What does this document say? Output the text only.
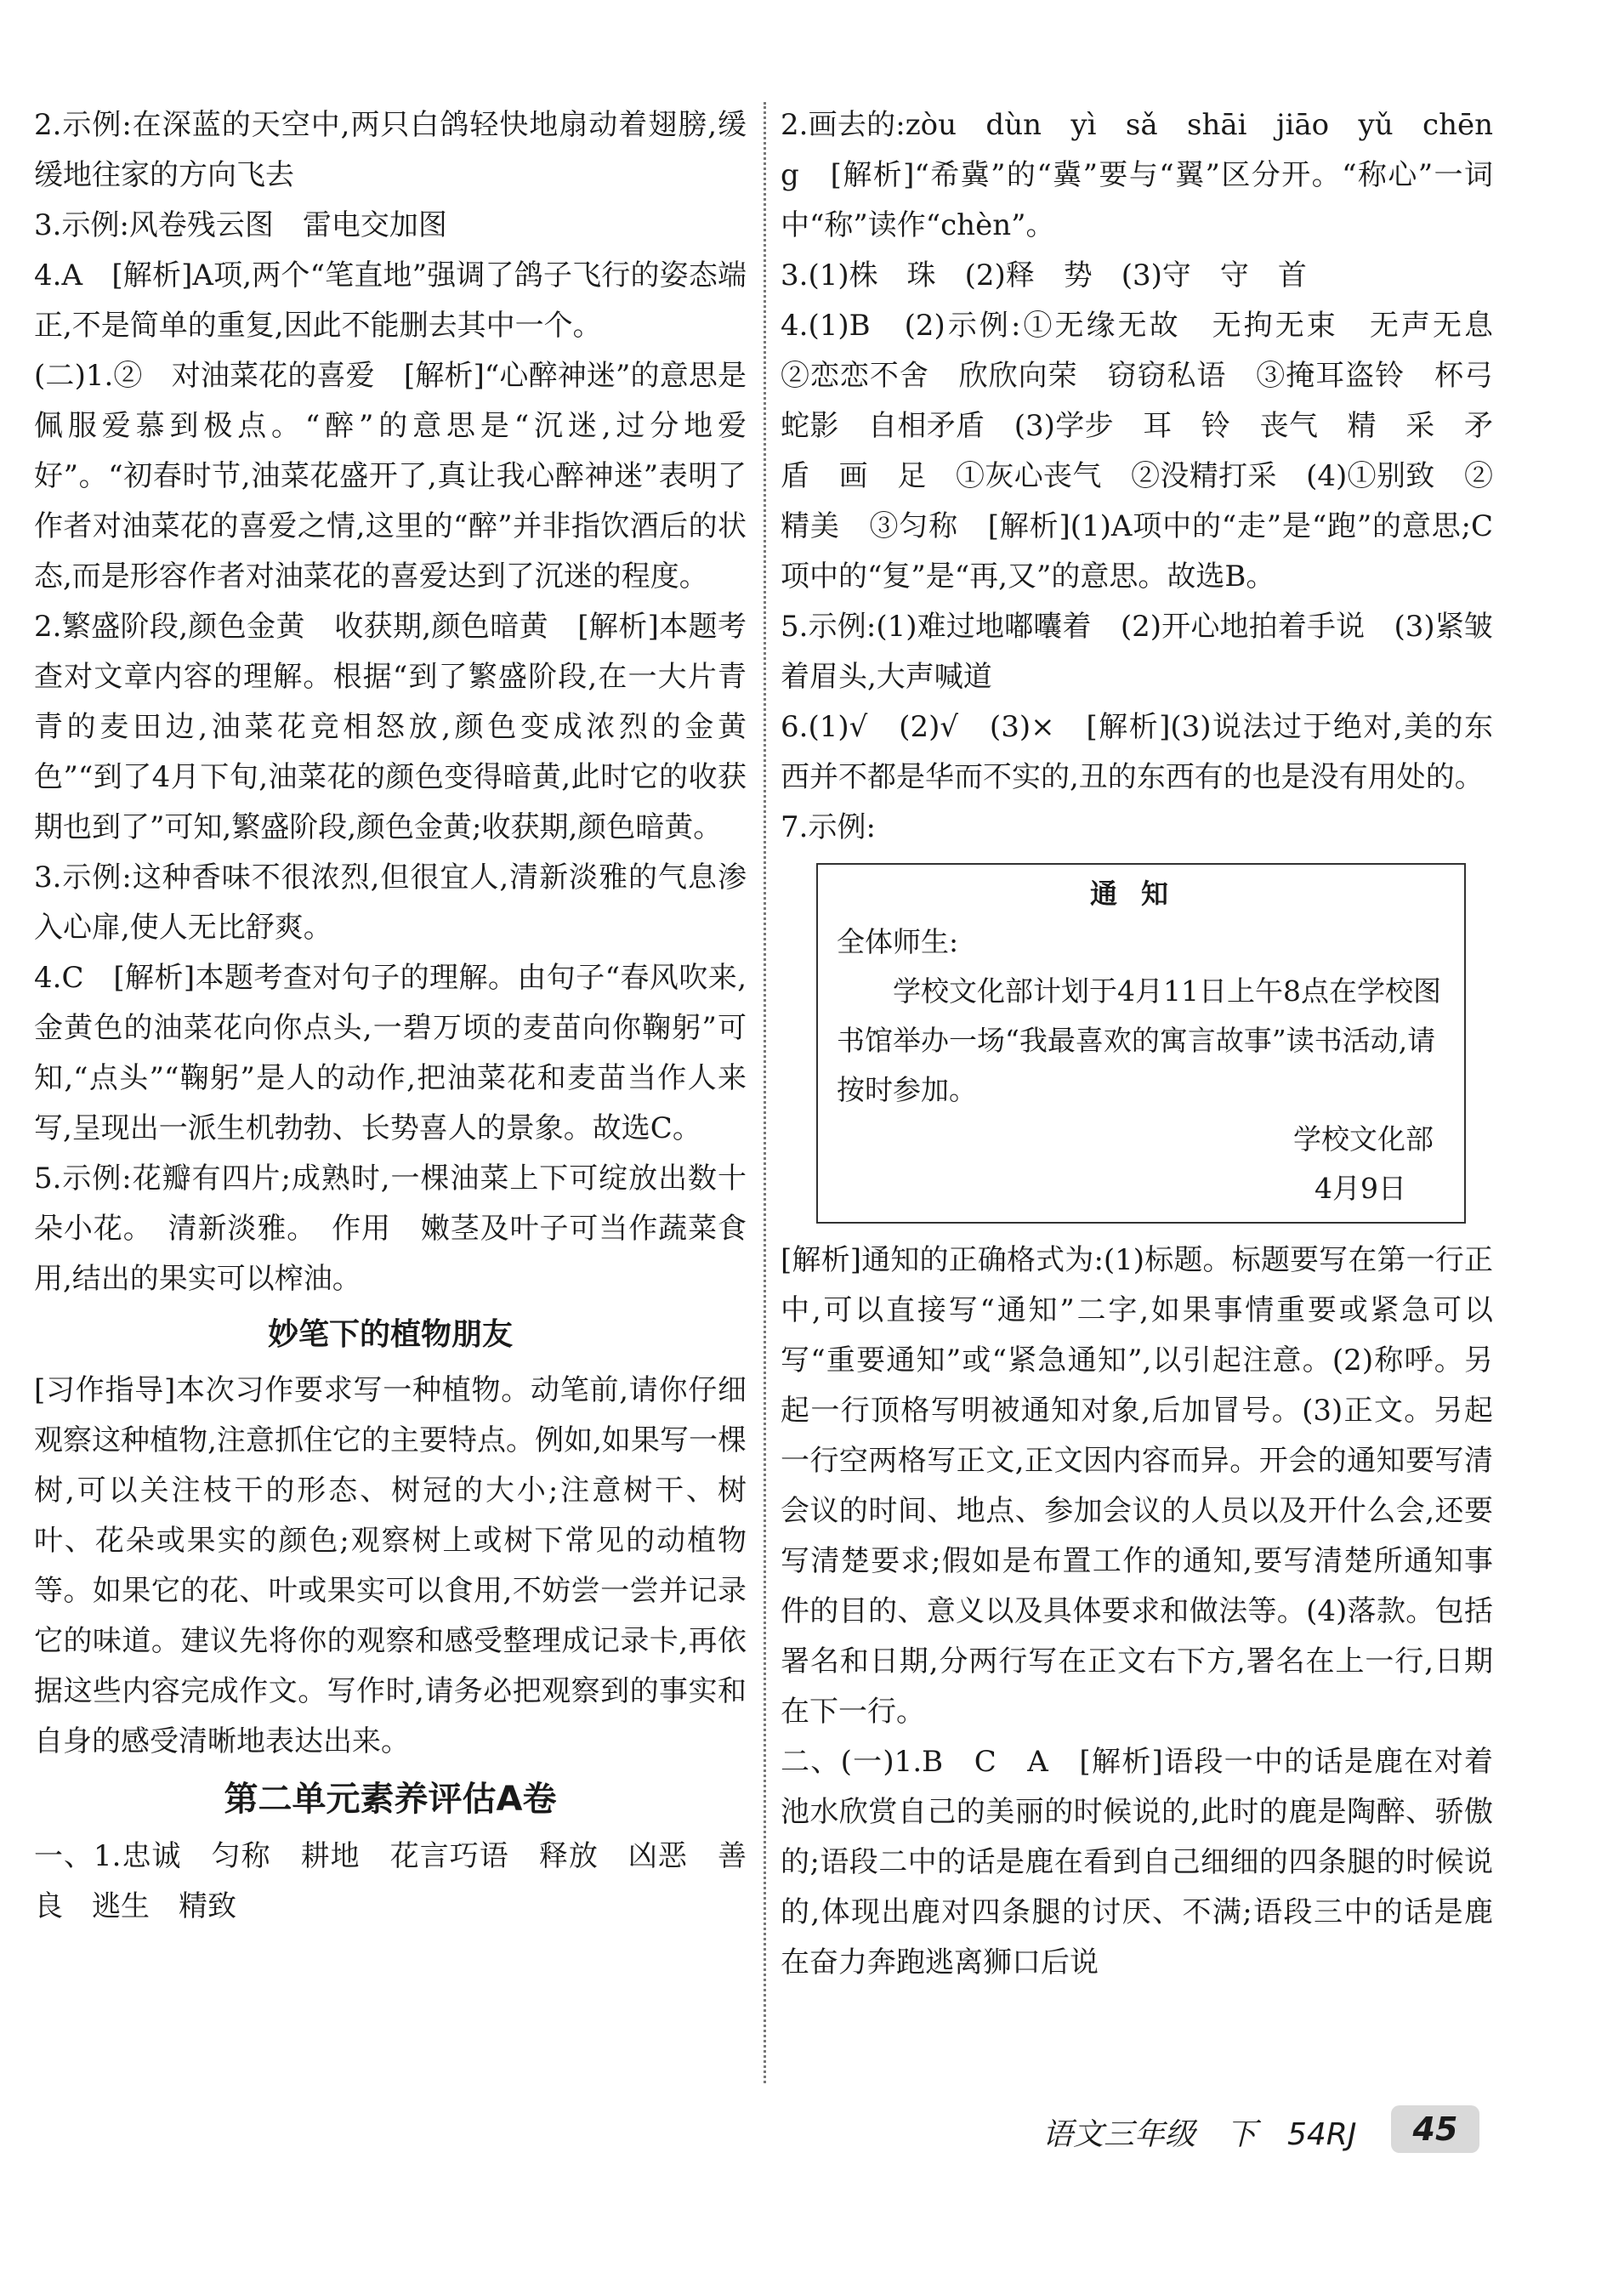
2.示例:在深蓝的天空中,两只白鸽轻快地扇动着翅膀,缓缓地往家的方向飞去

3.示例:风卷残云图　雷电交加图

4.A　[解析]A项,两个“笔直地”强调了鸽子飞行的姿态端正,不是简单的重复,因此不能删去其中一个。

(二)1.②　对油菜花的喜爱　[解析]“心醉神迷”的意思是佩服爱慕到极点。“醉”的意思是“沉迷,过分地爱好”。“初春时节,油菜花盛开了,真让我心醉神迷”表明了作者对油菜花的喜爱之情,这里的“醉”并非指饮酒后的状态,而是形容作者对油菜花的喜爱达到了沉迷的程度。

2.繁盛阶段,颜色金黄　收获期,颜色暗黄　[解析]本题考查对文章内容的理解。根据“到了繁盛阶段,在一大片青青的麦田边,油菜花竞相怒放,颜色变成浓烈的金黄色”“到了4月下旬,油菜花的颜色变得暗黄,此时它的收获期也到了”可知,繁盛阶段,颜色金黄;收获期,颜色暗黄。

3.示例:这种香味不很浓烈,但很宜人,清新淡雅的气息渗入心扉,使人无比舒爽。

4.C　[解析]本题考查对句子的理解。由句子“春风吹来,金黄色的油菜花向你点头,一碧万顷的麦苗向你鞠躬”可知,“点头”“鞠躬”是人的动作,把油菜花和麦苗当作人来写,呈现出一派生机勃勃、长势喜人的景象。故选C。

5.示例:花瓣有四片;成熟时,一棵油菜上下可绽放出数十朵小花。　清新淡雅。　作用　嫩茎及叶子可当作蔬菜食用,结出的果实可以榨油。

妙笔下的植物朋友

[习作指导]本次习作要求写一种植物。动笔前,请你仔细观察这种植物,注意抓住它的主要特点。例如,如果写一棵树,可以关注枝干的形态、树冠的大小;注意树干、树叶、花朵或果实的颜色;观察树上或树下常见的动植物等。如果它的花、叶或果实可以食用,不妨尝一尝并记录它的味道。建议先将你的观察和感受整理成记录卡,再依据这些内容完成作文。写作时,请务必把观察到的事实和自身的感受清晰地表达出来。

第二单元素养评估A卷

一、1.忠诚　匀称　耕地　花言巧语　释放　凶恶　善良　逃生　精致

2.画去的:zòu　dùn　yì　sǎ　shāi　jiāo　yǔ　chēng　[解析]“希冀”的“冀”要与“翼”区分开。“称心”一词中“称”读作“chèn”。

3.(1)株　珠　(2)释　势　(3)守　守　首

4.(1)B　(2)示例:①无缘无故　无拘无束　无声无息　②恋恋不舍　欣欣向荣　窃窃私语　③掩耳盗铃　杯弓蛇影　自相矛盾　(3)学步　耳　铃　丧气　精　采　矛盾　画　足　①灰心丧气　②没精打采　(4)①别致　②精美　③匀称　[解析](1)A项中的“走”是“跑”的意思;C项中的“复”是“再,又”的意思。故选B。

5.示例:(1)难过地嘟囔着　(2)开心地拍着手说　(3)紧皱着眉头,大声喊道

6.(1)√　(2)√　(3)×　[解析](3)说法过于绝对,美的东西并不都是华而不实的,丑的东西有的也是没有用处的。

7.示例:

通知

全体师生:

学校文化部计划于4月11日上午8点在学校图书馆举办一场“我最喜欢的寓言故事”读书活动,请按时参加。

学校文化部

4月9日

[解析]通知的正确格式为:(1)标题。标题要写在第一行正中,可以直接写“通知”二字,如果事情重要或紧急可以写“重要通知”或“紧急通知”,以引起注意。(2)称呼。另起一行顶格写明被通知对象,后加冒号。(3)正文。另起一行空两格写正文,正文因内容而异。开会的通知要写清会议的时间、地点、参加会议的人员以及开什么会,还要写清楚要求;假如是布置工作的通知,要写清楚所通知事件的目的、意义以及具体要求和做法等。(4)落款。包括署名和日期,分两行写在正文右下方,署名在上一行,日期在下一行。

二、(一)1.B　C　A　[解析]语段一中的话是鹿在对着池水欣赏自己的美丽的时候说的,此时的鹿是陶醉、骄傲的;语段二中的话是鹿在看到自己细细的四条腿的时候说的,体现出鹿对四条腿的讨厌、不满;语段三中的话是鹿在奋力奔跑逃离狮口后说

语文三年级　下　54RJ	45
